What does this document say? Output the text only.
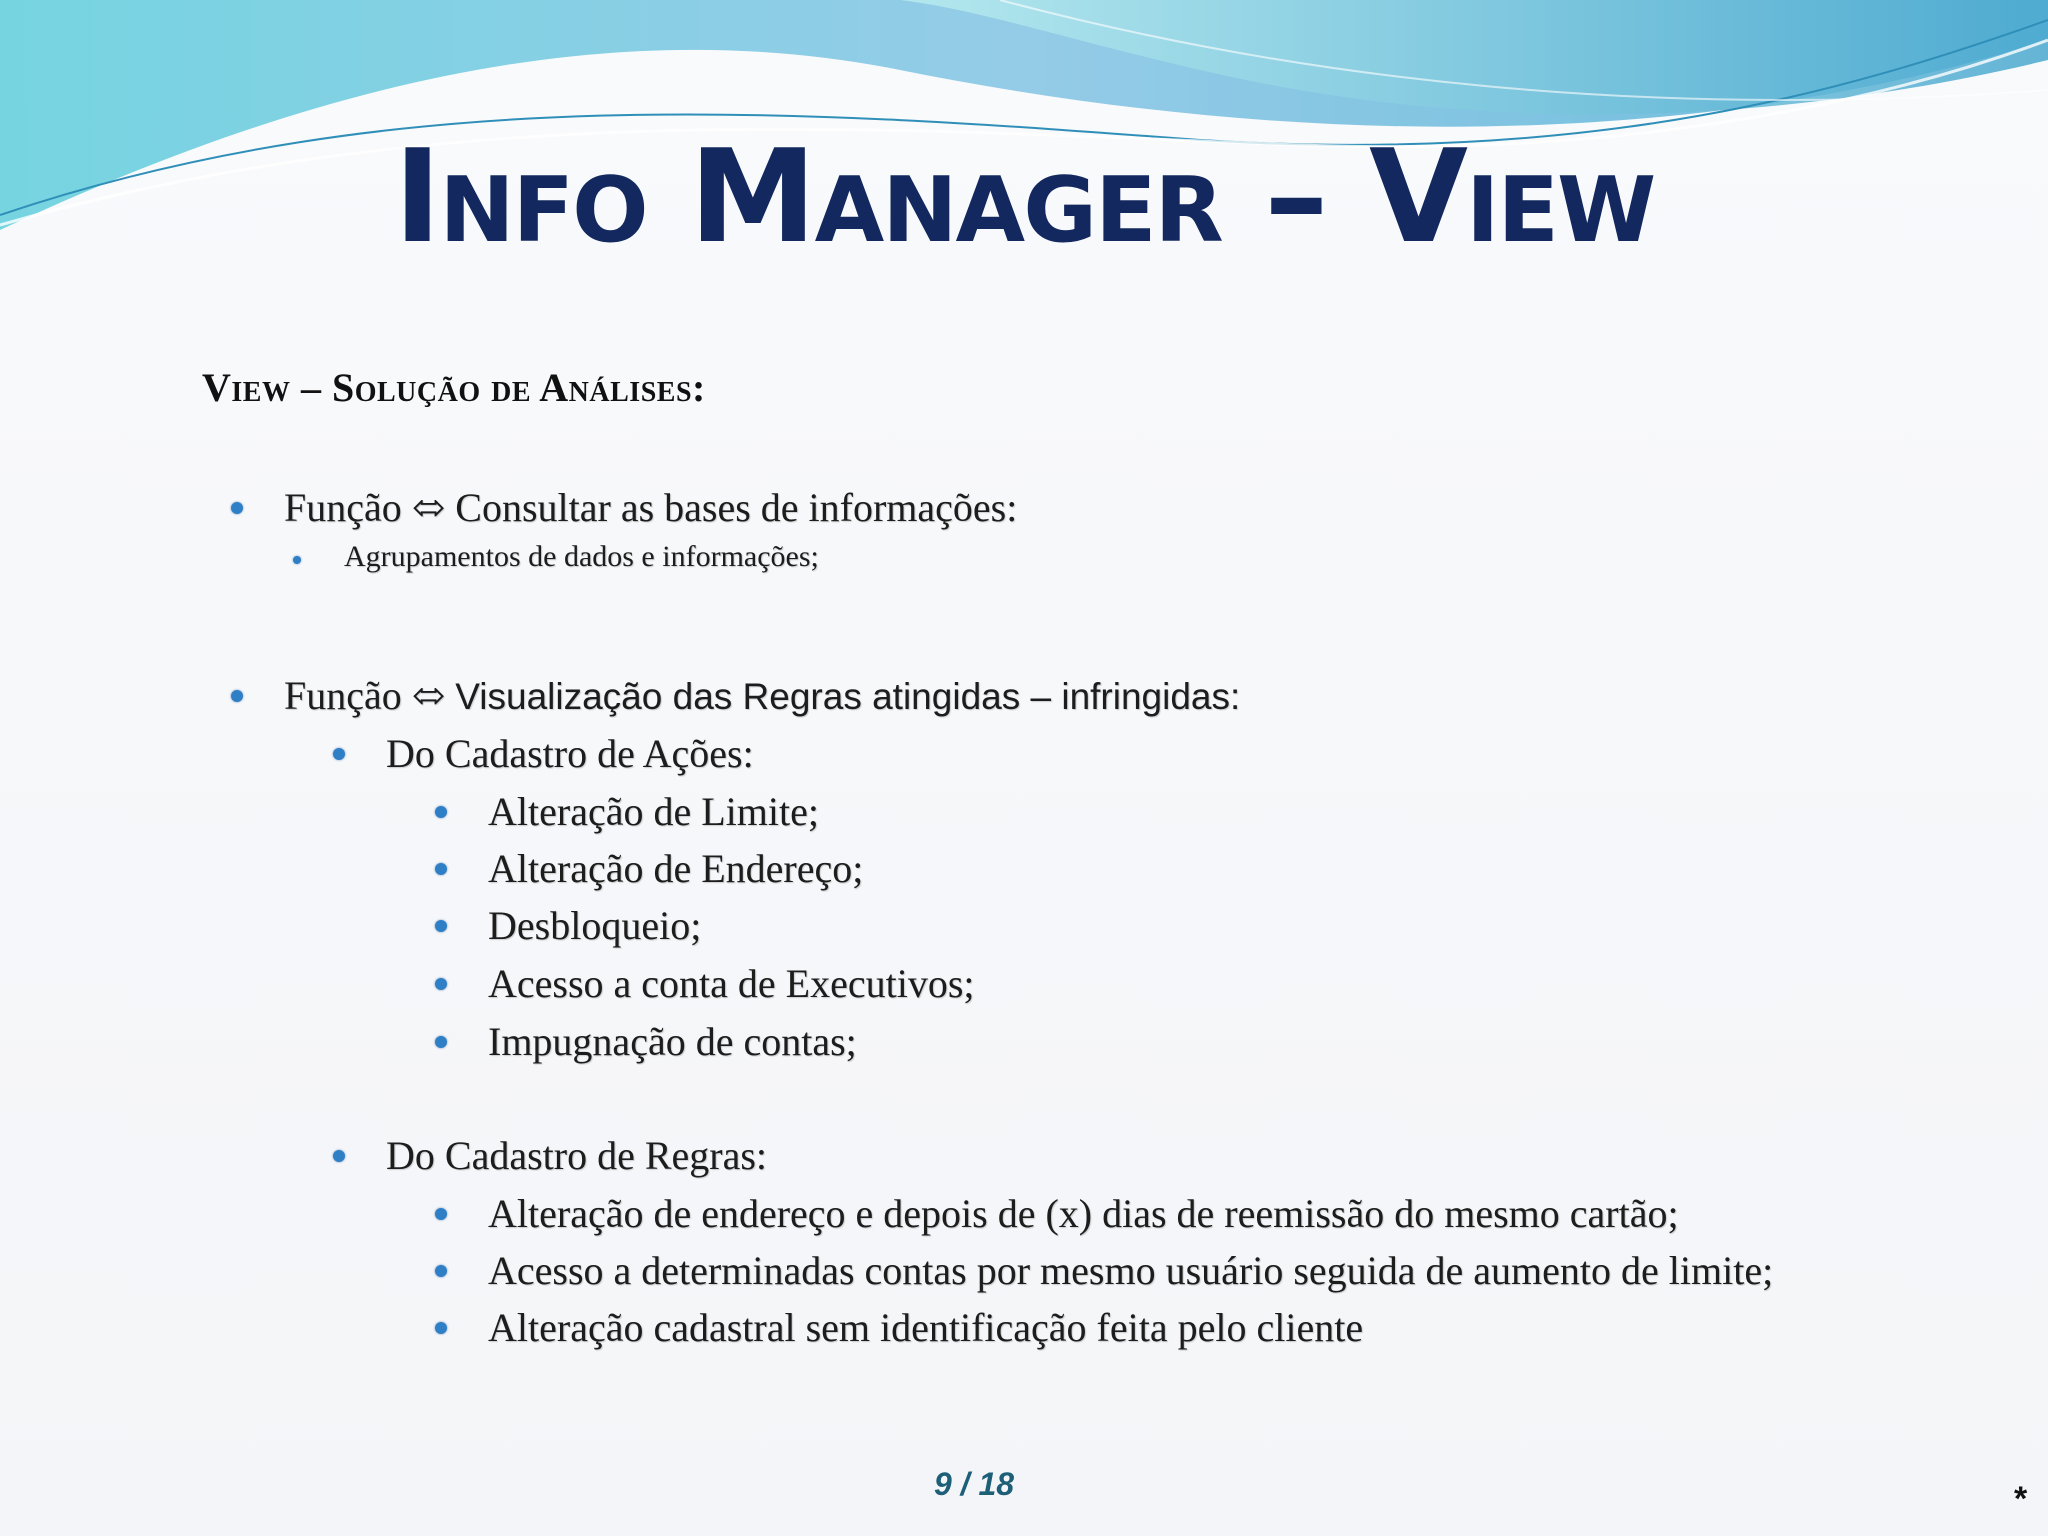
Info Manager – View
View – Solução de Análises:
Função ⬄ Consultar as bases de informações:
Agrupamentos de dados e informações;
Função ⬄ Visualização das Regras atingidas – infringidas:
Do Cadastro de Ações:
Alteração de Limite;
Alteração de Endereço;
Desbloqueio;
Acesso a conta de Executivos;
Impugnação de contas;
Do Cadastro de Regras:
Alteração de endereço e depois de (x) dias de reemissão do mesmo cartão;
Acesso a determinadas contas por mesmo usuário seguida de aumento de limite;
Alteração cadastral sem identificação feita pelo cliente
9 / 18	*
